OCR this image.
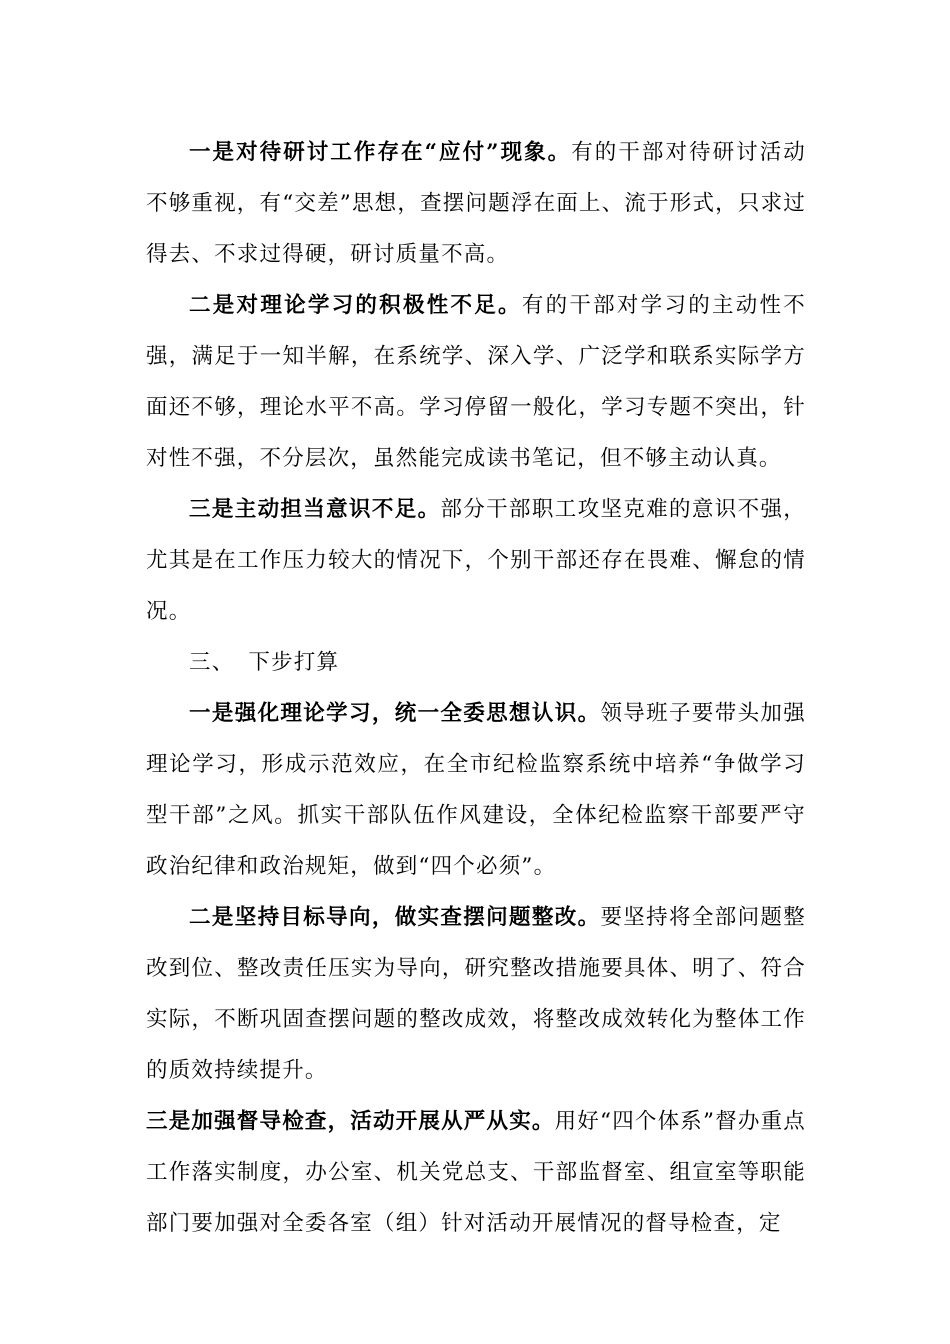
一是对待研讨工作存在“应付”现象。有的干部对待研讨活动不够重视，有“交差”思想，查摆问题浮在面上、流于形式，只求过得去、不求过得硬，研讨质量不高。

二是对理论学习的积极性不足。有的干部对学习的主动性不强，满足于一知半解，在系统学、深入学、广泛学和联系实际学方面还不够，理论水平不高。学习停留一般化，学习专题不突出，针对性不强，不分层次，虽然能完成读书笔记，但不够主动认真。

三是主动担当意识不足。部分干部职工攻坚克难的意识不强，尤其是在工作压力较大的情况下，个别干部还存在畏难、懈怠的情况。

三、 下步打算

一是强化理论学习，统一全委思想认识。领导班子要带头加强理论学习，形成示范效应，在全市纪检监察系统中培养“争做学习型干部”之风。抓实干部队伍作风建设，全体纪检监察干部要严守政治纪律和政治规矩，做到“四个必须”。

二是坚持目标导向，做实查摆问题整改。要坚持将全部问题整改到位、整改责任压实为导向，研究整改措施要具体、明了、符合实际，不断巩固查摆问题的整改成效，将整改成效转化为整体工作的质效持续提升。

三是加强督导检查，活动开展从严从实。用好“四个体系”督办重点工作落实制度，办公室、机关党总支、干部监督室、组宣室等职能部门要加强对全委各室（组）针对活动开展情况的督导检查，定
